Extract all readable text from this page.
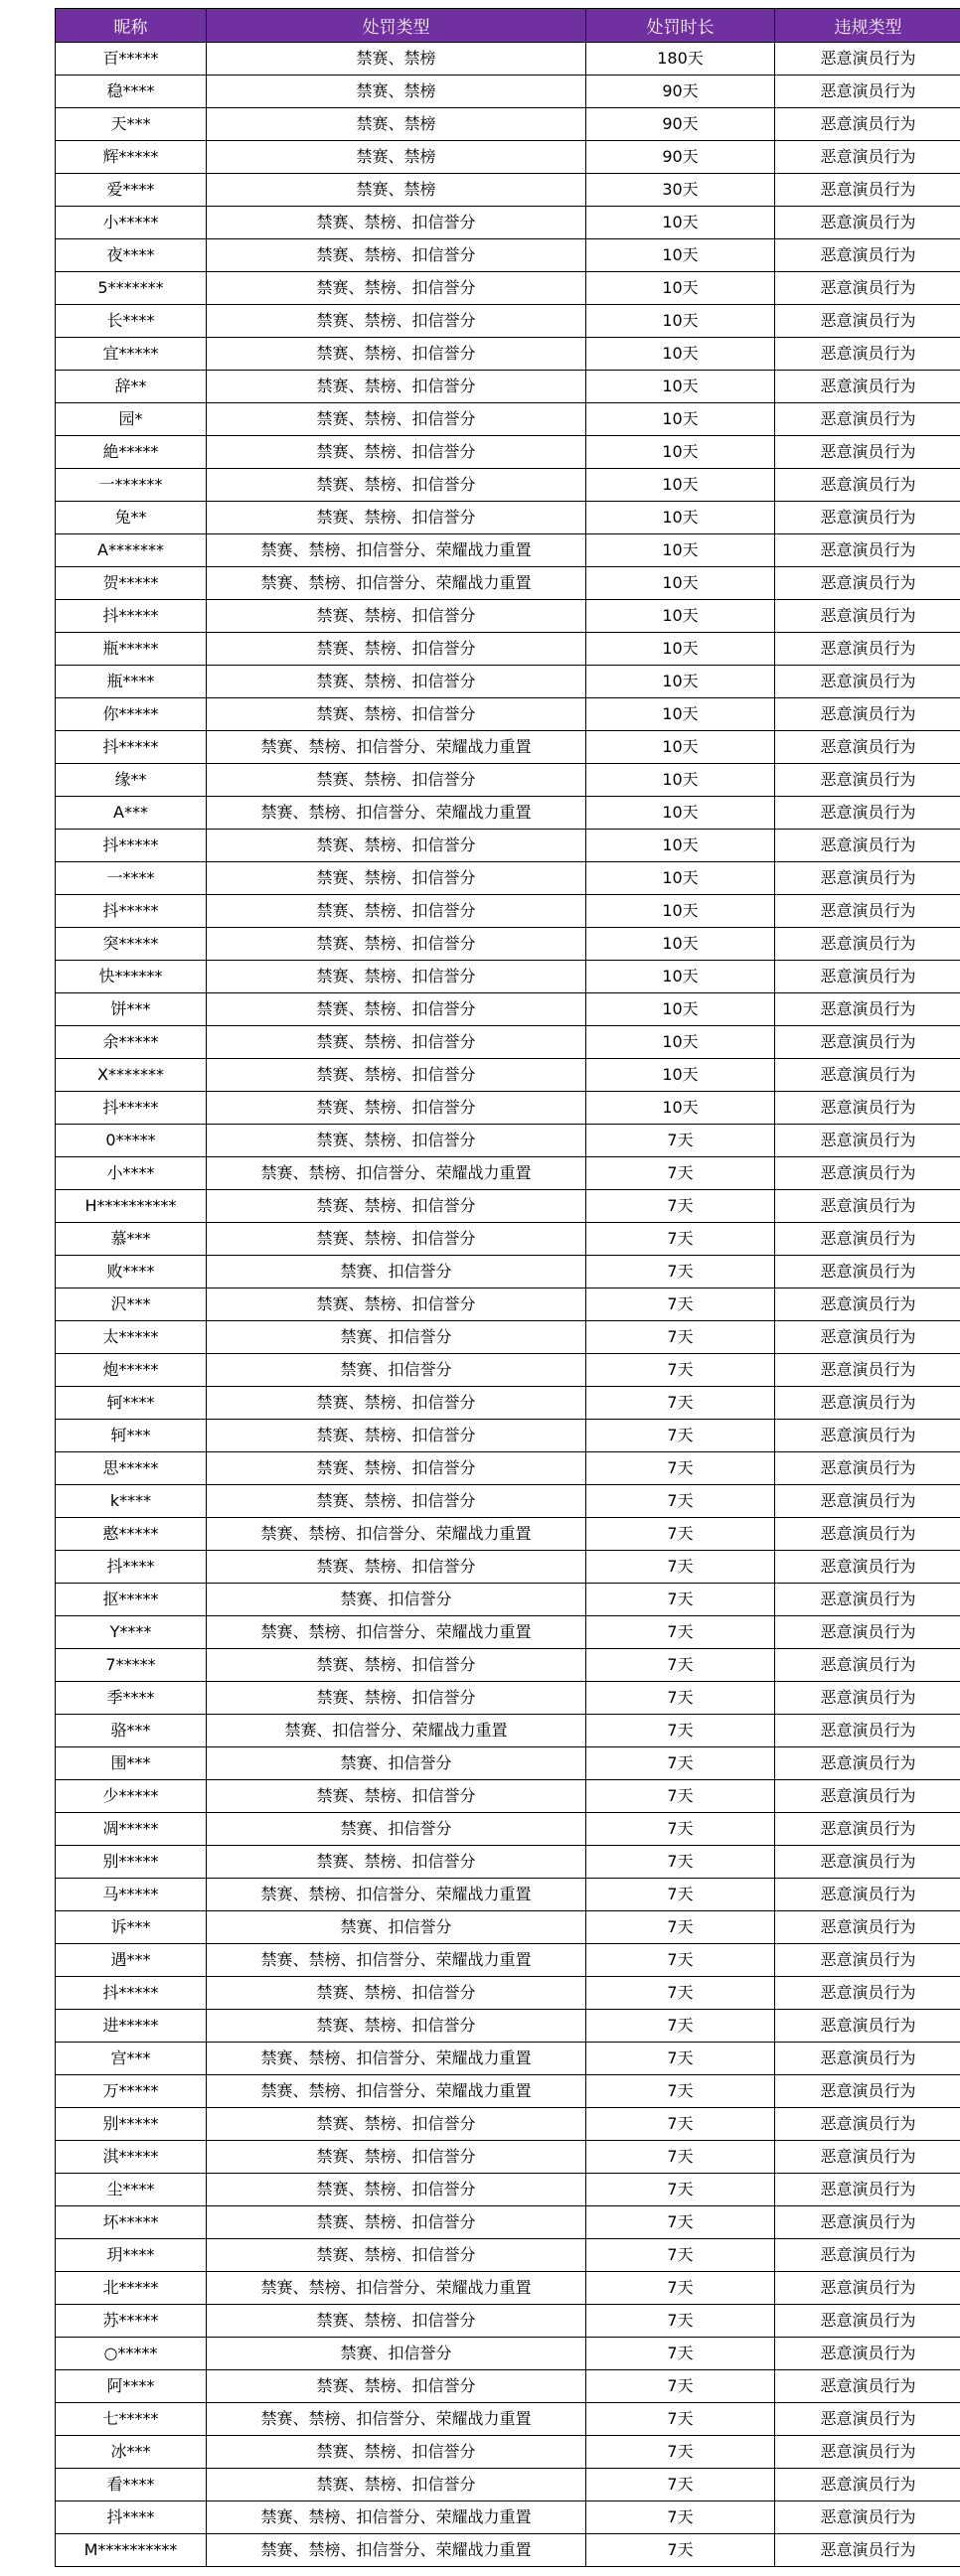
昵称	处罚类型	处罚时长	违规类型
百*****	禁赛、禁榜	180天	恶意演员行为
稳****	禁赛、禁榜	90天	恶意演员行为
天***	禁赛、禁榜	90天	恶意演员行为
辉*****	禁赛、禁榜	90天	恶意演员行为
爱****	禁赛、禁榜	30天	恶意演员行为
小*****	禁赛、禁榜、扣信誉分	10天	恶意演员行为
夜****	禁赛、禁榜、扣信誉分	10天	恶意演员行为
5*******	禁赛、禁榜、扣信誉分	10天	恶意演员行为
长****	禁赛、禁榜、扣信誉分	10天	恶意演员行为
宜*****	禁赛、禁榜、扣信誉分	10天	恶意演员行为
辞**	禁赛、禁榜、扣信誉分	10天	恶意演员行为
园*	禁赛、禁榜、扣信誉分	10天	恶意演员行为
絶*****	禁赛、禁榜、扣信誉分	10天	恶意演员行为
一******	禁赛、禁榜、扣信誉分	10天	恶意演员行为
兔**	禁赛、禁榜、扣信誉分	10天	恶意演员行为
A*******	禁赛、禁榜、扣信誉分、荣耀战力重置	10天	恶意演员行为
贺*****	禁赛、禁榜、扣信誉分、荣耀战力重置	10天	恶意演员行为
抖*****	禁赛、禁榜、扣信誉分	10天	恶意演员行为
瓶*****	禁赛、禁榜、扣信誉分	10天	恶意演员行为
瓶****	禁赛、禁榜、扣信誉分	10天	恶意演员行为
你*****	禁赛、禁榜、扣信誉分	10天	恶意演员行为
抖*****	禁赛、禁榜、扣信誉分、荣耀战力重置	10天	恶意演员行为
缘**	禁赛、禁榜、扣信誉分	10天	恶意演员行为
A***	禁赛、禁榜、扣信誉分、荣耀战力重置	10天	恶意演员行为
抖*****	禁赛、禁榜、扣信誉分	10天	恶意演员行为
一****	禁赛、禁榜、扣信誉分	10天	恶意演员行为
抖*****	禁赛、禁榜、扣信誉分	10天	恶意演员行为
突*****	禁赛、禁榜、扣信誉分	10天	恶意演员行为
快******	禁赛、禁榜、扣信誉分	10天	恶意演员行为
饼***	禁赛、禁榜、扣信誉分	10天	恶意演员行为
余*****	禁赛、禁榜、扣信誉分	10天	恶意演员行为
X*******	禁赛、禁榜、扣信誉分	10天	恶意演员行为
抖*****	禁赛、禁榜、扣信誉分	10天	恶意演员行为
0*****	禁赛、禁榜、扣信誉分	7天	恶意演员行为
小****	禁赛、禁榜、扣信誉分、荣耀战力重置	7天	恶意演员行为
H**********	禁赛、禁榜、扣信誉分	7天	恶意演员行为
慕***	禁赛、禁榜、扣信誉分	7天	恶意演员行为
败****	禁赛、扣信誉分	7天	恶意演员行为
沢***	禁赛、禁榜、扣信誉分	7天	恶意演员行为
太*****	禁赛、扣信誉分	7天	恶意演员行为
炮*****	禁赛、扣信誉分	7天	恶意演员行为
轲****	禁赛、禁榜、扣信誉分	7天	恶意演员行为
轲***	禁赛、禁榜、扣信誉分	7天	恶意演员行为
思*****	禁赛、禁榜、扣信誉分	7天	恶意演员行为
k****	禁赛、禁榜、扣信誉分	7天	恶意演员行为
憨*****	禁赛、禁榜、扣信誉分、荣耀战力重置	7天	恶意演员行为
抖****	禁赛、禁榜、扣信誉分	7天	恶意演员行为
抠*****	禁赛、扣信誉分	7天	恶意演员行为
Y****	禁赛、禁榜、扣信誉分、荣耀战力重置	7天	恶意演员行为
7*****	禁赛、禁榜、扣信誉分	7天	恶意演员行为
季****	禁赛、禁榜、扣信誉分	7天	恶意演员行为
骆***	禁赛、扣信誉分、荣耀战力重置	7天	恶意演员行为
围***	禁赛、扣信誉分	7天	恶意演员行为
少*****	禁赛、禁榜、扣信誉分	7天	恶意演员行为
凋*****	禁赛、扣信誉分	7天	恶意演员行为
别*****	禁赛、禁榜、扣信誉分	7天	恶意演员行为
马*****	禁赛、禁榜、扣信誉分、荣耀战力重置	7天	恶意演员行为
诉***	禁赛、扣信誉分	7天	恶意演员行为
遇***	禁赛、禁榜、扣信誉分、荣耀战力重置	7天	恶意演员行为
抖*****	禁赛、禁榜、扣信誉分	7天	恶意演员行为
进*****	禁赛、禁榜、扣信誉分	7天	恶意演员行为
宫***	禁赛、禁榜、扣信誉分、荣耀战力重置	7天	恶意演员行为
万*****	禁赛、禁榜、扣信誉分、荣耀战力重置	7天	恶意演员行为
别*****	禁赛、禁榜、扣信誉分	7天	恶意演员行为
淇*****	禁赛、禁榜、扣信誉分	7天	恶意演员行为
尘****	禁赛、禁榜、扣信誉分	7天	恶意演员行为
坏*****	禁赛、禁榜、扣信誉分	7天	恶意演员行为
玥****	禁赛、禁榜、扣信誉分	7天	恶意演员行为
北*****	禁赛、禁榜、扣信誉分、荣耀战力重置	7天	恶意演员行为
苏*****	禁赛、禁榜、扣信誉分	7天	恶意演员行为
○*****	禁赛、扣信誉分	7天	恶意演员行为
阿****	禁赛、禁榜、扣信誉分	7天	恶意演员行为
七*****	禁赛、禁榜、扣信誉分、荣耀战力重置	7天	恶意演员行为
冰***	禁赛、禁榜、扣信誉分	7天	恶意演员行为
看****	禁赛、禁榜、扣信誉分	7天	恶意演员行为
抖****	禁赛、禁榜、扣信誉分、荣耀战力重置	7天	恶意演员行为
M**********	禁赛、禁榜、扣信誉分、荣耀战力重置	7天	恶意演员行为
